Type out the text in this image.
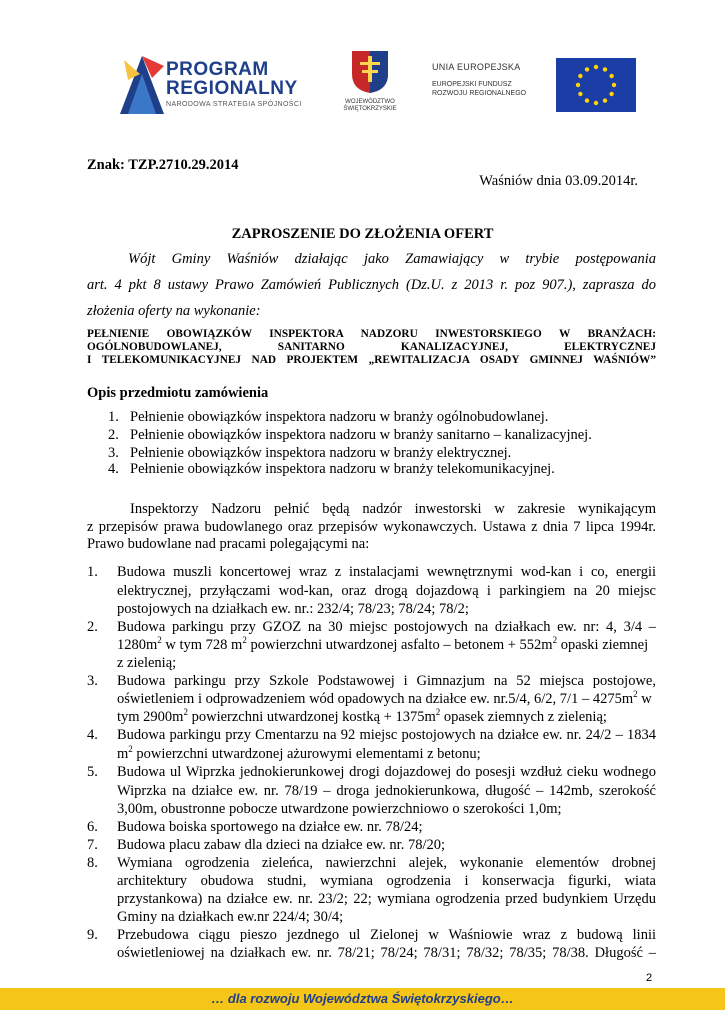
PROGRAM
REGIONALNY
NARODOWA STRATEGIA SPÓJNOŚCI	WOJEWÓDZTWO
ŚWIĘTOKRZYSKIE
UNIA EUROPEJSKA
EUROPEJSKI FUNDUSZ
ROZWOJU REGIONALNEGO
Znak: TZP.2710.29.2014
Waśniów dnia 03.09.2014r.
ZAPROSZENIE DO ZŁOŻENIA OFERT
Wójt Gminy Waśniów działając jako Zamawiający w trybie postępowania
art. 4 pkt 8 ustawy Prawo Zamówień Publicznych (Dz.U. z 2013 r. poz 907.), zaprasza do
złożenia oferty na wykonanie:
PEŁNIENIE OBOWIĄZKÓW INSPEKTORA NADZORU INWESTORSKIEGO W BRANŻACH:
OGÓLNOBUDOWLANEJ,	SANITARNO	KANALIZACYJNEJ,	ELEKTRYCZNEJ
I TELEKOMUNIKACYJNEJ NAD PROJEKTEM „REWITALIZACJA OSADY GMINNEJ WAŚNIÓW”
Opis przedmiotu zamówienia
1. Pełnienie obowiązków inspektora nadzoru w branży ogólnobudowlanej.
2. Pełnienie obowiązków inspektora nadzoru w branży sanitarno – kanalizacyjnej.
3. Pełnienie obowiązków inspektora nadzoru w branży elektrycznej.
4. Pełnienie obowiązków inspektora nadzoru w branży telekomunikacyjnej.
Inspektorzy Nadzoru pełnić będą nadzór inwestorski w zakresie wynikającym
z przepisów prawa budowlanego oraz przepisów wykonawczych. Ustawa z dnia 7 lipca 1994r.
Prawo budowlane nad pracami polegającymi na:
1. Budowa muszli koncertowej wraz z instalacjami wewnętrznymi wod-kan i co, energii
elektrycznej, przyłączami wod-kan, oraz drogą dojazdową i parkingiem na 20 miejsc
postojowych na działkach ew. nr.: 232/4; 78/23; 78/24; 78/2;
2. Budowa parkingu przy GZOZ na 30 miejsc postojowych na działkach ew. nr: 4, 3/4 –
$1280m^2$ w tym 728 $m^2$ powierzchni utwardzonej asfalto – betonem + $552m^2$ opaski ziemnej
z zielenią;
3. Budowa parkingu przy Szkole Podstawowej i Gimnazjum na 52 miejsca postojowe,
oświetleniem i odprowadzeniem wód opadowych na działce ew. nr.5/4, 6/2, $7/1 - 4275m^2$ w
tym $2900m^2$ powierzchni utwardzonej kostką + $1375m^2$ opasek ziemnych z zielenią;
4. Budowa parkingu przy Cmentarzu na 92 miejsc postojowych na działce ew. nr. 24/2 – 1834
$m^2$ powierzchni utwardzonej ażurowymi elementami z betonu;
5. Budowa ul Wiprzka jednokierunkowej drogi dojazdowej do posesji wzdłuż cieku wodnego
Wiprzka na działce ew. nr. 78/19 – droga jednokierunkowa, długość – 142mb, szerokość
3,00m, obustronne pobocze utwardzone powierzchniowo o szerokości 1,0m;
6. Budowa boiska sportowego na działce ew. nr. 78/24;
7. Budowa placu zabaw dla dzieci na działce ew. nr. 78/20;
8. Wymiana ogrodzenia zieleńca, nawierzchni alejek, wykonanie elementów drobnej
architektury obudowa studni, wymiana ogrodzenia i konserwacja figurki, wiata
przystankowa) na działce ew. nr. 23/2; 22; wymiana ogrodzenia przed budynkiem Urzędu
Gminy na działkach ew.nr 224/4; 30/4;
9. Przebudowa ciągu pieszo jezdnego ul Zielonej w Waśniowie wraz z budową linii
oświetleniowej na działkach ew. nr. 78/21; 78/24; 78/31; 78/32; 78/35; 78/38. Długość –
2
… dla rozwoju Województwa Świętokrzyskiego…
